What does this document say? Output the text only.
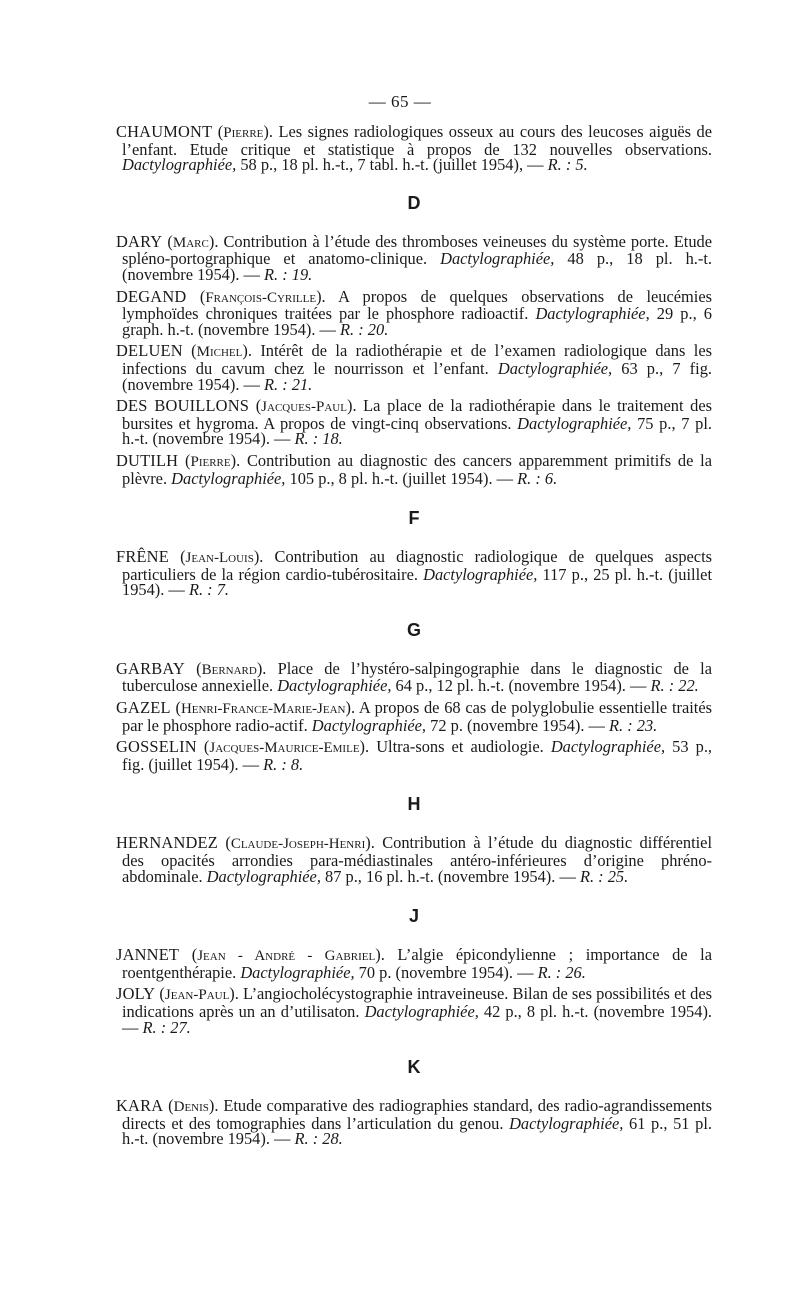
— 65 —

CHAUMONT (Pierre). Les signes radiologiques osseux au cours des leucoses aiguës de l’enfant. Etude critique et statistique à propos de 132 nouvelles observations. Dactylographiée, 58 p., 18 pl. h.-t., 7 tabl. h.-t. (juillet 1954), — R. : 5.

D

DARY (Marc). Contribution à l’étude des thromboses veineuses du système porte. Etude spléno-portographique et anatomo-clinique. Dactylographiée, 48 p., 18 pl. h.-t. (novembre 1954). — R. : 19.

DEGAND (François-Cyrille). A propos de quelques observations de leucémies lymphoïdes chroniques traitées par le phosphore radioactif. Dactylographiée, 29 p., 6 graph. h.-t. (novembre 1954). — R. : 20.

DELUEN (Michel). Intérêt de la radiothérapie et de l’examen radiologique dans les infections du cavum chez le nourrisson et l’enfant. Dactylographiée, 63 p., 7 fig. (novembre 1954). — R. : 21.

DES BOUILLONS (Jacques-Paul). La place de la radiothérapie dans le traitement des bursites et hygroma. A propos de vingt-cinq observations. Dactylographiée, 75 p., 7 pl. h.-t. (novembre 1954). — R. : 18.

DUTILH (Pierre). Contribution au diagnostic des cancers apparemment primitifs de la plèvre. Dactylographiée, 105 p., 8 pl. h.-t. (juillet 1954). — R. : 6.

F

FRÊNE (Jean-Louis). Contribution au diagnostic radiologique de quelques aspects particuliers de la région cardio-tubérositaire. Dactylographiée, 117 p., 25 pl. h.-t. (juillet 1954). — R. : 7.

G

GARBAY (Bernard). Place de l’hystéro-salpingographie dans le diagnostic de la tuberculose annexielle. Dactylographiée, 64 p., 12 pl. h.-t. (novembre 1954). — R. : 22.

GAZEL (Henri-France-Marie-Jean). A propos de 68 cas de polyglobulie essentielle traités par le phosphore radio-actif. Dactylographiée, 72 p. (novembre 1954). — R. : 23.

GOSSELIN (Jacques-Maurice-Emile). Ultra-sons et audiologie. Dactylographiée, 53 p., fig. (juillet 1954). — R. : 8.

H

HERNANDEZ (Claude-Joseph-Henri). Contribution à l’étude du diagnostic différentiel des opacités arrondies para-médiastinales antéro-inférieures d’origine phréno-abdominale. Dactylographiée, 87 p., 16 pl. h.-t. (novembre 1954). — R. : 25.

J

JANNET (Jean - André - Gabriel). L’algie épicondylienne ; importance de la roentgenthérapie. Dactylographiée, 70 p. (novembre 1954). — R. : 26.

JOLY (Jean-Paul). L’angiocholécystographie intraveineuse. Bilan de ses possibilités et des indications après un an d’utilisaton. Dactylographiée, 42 p., 8 pl. h.-t. (novembre 1954). — R. : 27.

K

KARA (Denis). Etude comparative des radiographies standard, des radio-agrandissements directs et des tomographies dans l’articulation du genou. Dactylographiée, 61 p., 51 pl. h.-t. (novembre 1954). — R. : 28.
